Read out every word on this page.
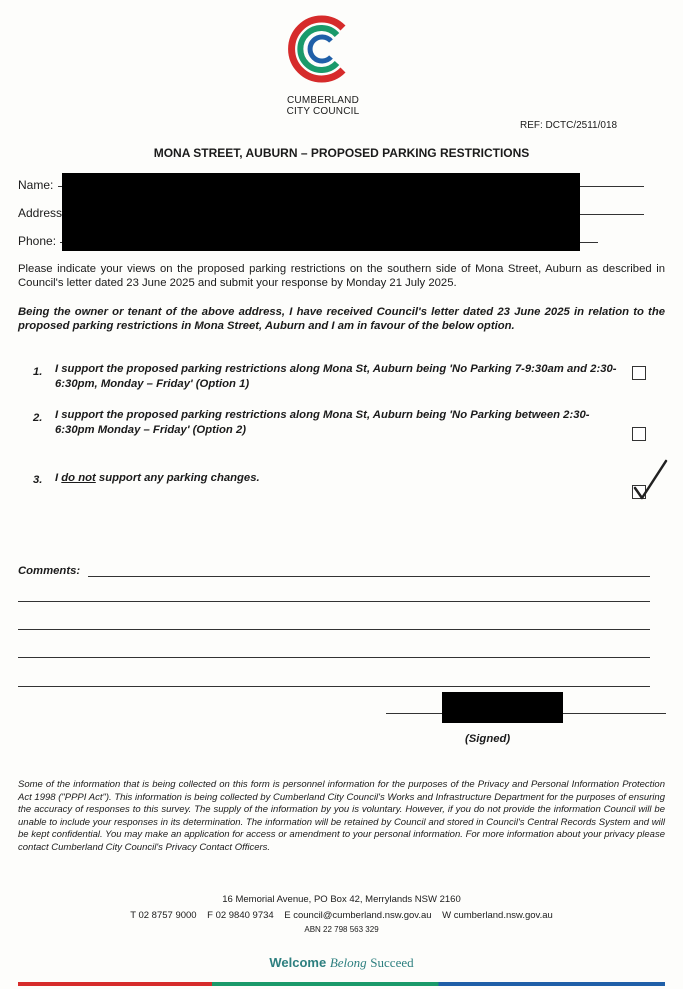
CUMBERLAND
CITY COUNCIL
REF: DCTC/2511/018
MONA STREET, AUBURN – PROPOSED PARKING RESTRICTIONS
Name:
Address
Phone:
Please indicate your views on the proposed parking restrictions on the southern side of Mona Street, Auburn as described in Council's letter dated 23 June 2025 and submit your response by Monday 21 July 2025.
Being the owner or tenant of the above address, I have received Council's letter dated 23 June 2025 in relation to the proposed parking restrictions in Mona Street, Auburn and I am in favour of the below option.
1. I support the proposed parking restrictions along Mona St, Auburn being 'No Parking 7-9:30am and 2:30-6:30pm, Monday – Friday' (Option 1)
2. I support the proposed parking restrictions along Mona St, Auburn being 'No Parking between 2:30-6:30pm Monday – Friday' (Option 2)
3. I do not support any parking changes.
Comments:
(Signed)
Some of the information that is being collected on this form is personnel information for the purposes of the Privacy and Personal Information Protection Act 1998 ("PPPI Act"). This information is being collected by Cumberland City Council's Works and Infrastructure Department for the purposes of ensuring the accuracy of responses to this survey. The supply of the information by you is voluntary. However, if you do not provide the information Council will be unable to include your responses in its determination. The information will be retained by Council and stored in Council's Central Records System and will be kept confidential. You may make an application for access or amendment to your personal information. For more information about your privacy please contact Cumberland City Council's Privacy Contact Officers.
16 Memorial Avenue, PO Box 42, Merrylands NSW 2160
T 02 8757 9000    F 02 9840 9734    E council@cumberland.nsw.gov.au    W cumberland.nsw.gov.au
ABN 22 798 563 329
Welcome Belong Succeed
